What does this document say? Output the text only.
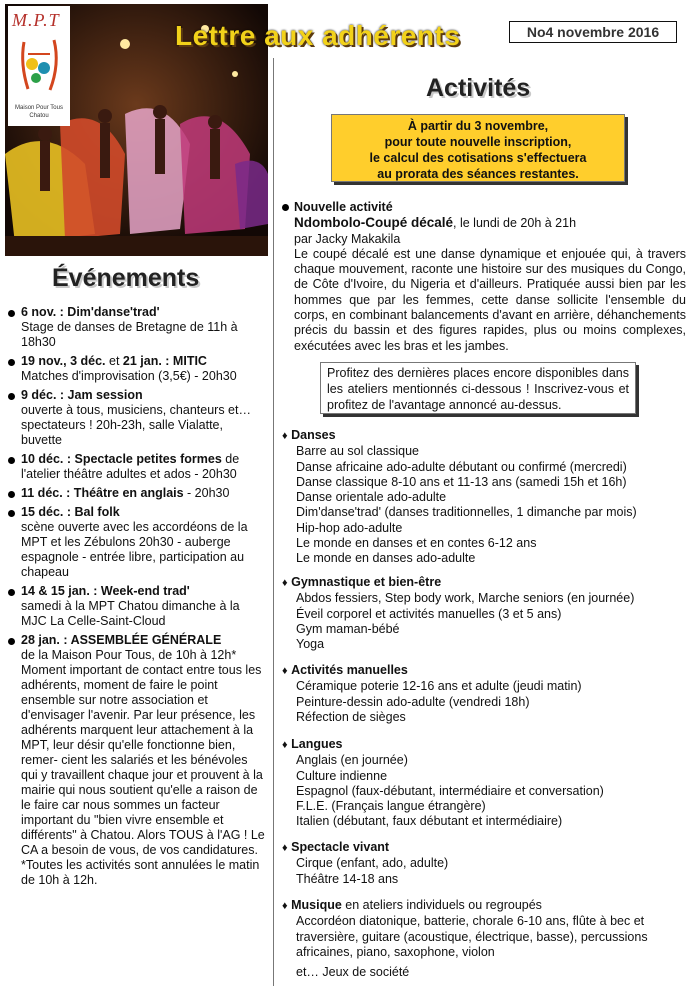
M.P.T
Maison Pour Tous Chatou
Lettre aux adhérents	No4 novembre 2016
Activités
À partir du 3 novembre,
pour toute nouvelle inscription,
le calcul des cotisations s'effectuera
au prorata des séances restantes.
Événements
6 nov. : Dim'danse'trad'
Stage de danses de Bretagne de 11h à 18h30
19 nov., 3 déc. et 21 jan. : MITIC
Matches d'improvisation (3,5€) - 20h30
9 déc. : Jam session
ouverte à tous, musiciens, chanteurs et… spectateurs ! 20h-23h, salle Vialatte, buvette
10 déc. : Spectacle petites formes de
l'atelier théâtre adultes et ados - 20h30
11 déc. : Théâtre en anglais - 20h30
15 déc. : Bal folk
scène ouverte avec les accordéons de la MPT et les Zébulons 20h30 - auberge espagnole - entrée libre, participation au chapeau
14 & 15 jan. : Week-end trad'
samedi à la MPT Chatou dimanche à la MJC La Celle-Saint-Cloud
28 jan. : ASSEMBLÉE GÉNÉRALE
de la Maison Pour Tous, de 10h à 12h* Moment important de contact entre tous les adhérents, moment de faire le point ensemble sur notre association et d'envisager l'avenir. Par leur présence, les adhérents marquent leur attachement à la MPT, leur désir qu'elle fonctionne bien, remer- cient les salariés et les bénévoles qui y travaillent chaque jour et prouvent à la mairie qui nous soutient qu'elle a raison de le faire car nous sommes un facteur important du "bien vivre ensemble et différents" à Chatou. Alors TOUS à l'AG ! Le CA a besoin de vous, de vos candidatures. *Toutes les activités sont annulées le matin de 10h à 12h.
Nouvelle activité
Ndombolo-Coupé décalé, le lundi de 20h à 21h
par Jacky Makakila
Le coupé décalé est une danse dynamique et enjouée qui, à travers chaque mouvement, raconte une histoire sur des musiques du Congo, de Côte d'Ivoire, du Nigeria et d'ailleurs. Pratiquée aussi bien par les hommes que par les femmes, cette danse sollicite l'ensemble du corps, en combinant balancements d'avant en arrière, déhanchements précis du bassin et des figures rapides, plus ou moins complexes, exécutées avec les bras et les jambes.
Profitez des dernières places encore disponibles dans les ateliers mentionnés ci-dessous ! Inscrivez-vous et profitez de l'avantage annoncé au-dessus.
♦ Danses
Barre au sol classique
Danse africaine ado-adulte débutant ou confirmé (mercredi)
Danse classique 8-10 ans et 11-13 ans (samedi 15h et 16h)
Danse orientale ado-adulte
Dim'danse'trad' (danses traditionnelles, 1 dimanche par mois)
Hip-hop ado-adulte
Le monde en danses et en contes 6-12 ans
Le monde en danses ado-adulte
♦ Gymnastique et bien-être
Abdos fessiers, Step body work, Marche seniors (en journée)
Éveil corporel et activités manuelles (3 et 5 ans)
Gym maman-bébé
Yoga
♦ Activités manuelles
Céramique poterie 12-16 ans et adulte (jeudi matin)
Peinture-dessin ado-adulte (vendredi 18h)
Réfection de sièges
♦ Langues
Anglais (en journée)
Culture indienne
Espagnol (faux-débutant, intermédiaire et conversation)
F.L.E. (Français langue étrangère)
Italien (débutant, faux débutant et intermédiaire)
♦ Spectacle vivant
Cirque (enfant, ado, adulte)
Théâtre 14-18 ans
♦ Musique en ateliers individuels ou regroupés
Accordéon diatonique, batterie, chorale 6-10 ans, flûte à bec et traversière, guitare (acoustique, électrique, basse), percussions africaines, piano, saxophone, violon
et… Jeux de société
